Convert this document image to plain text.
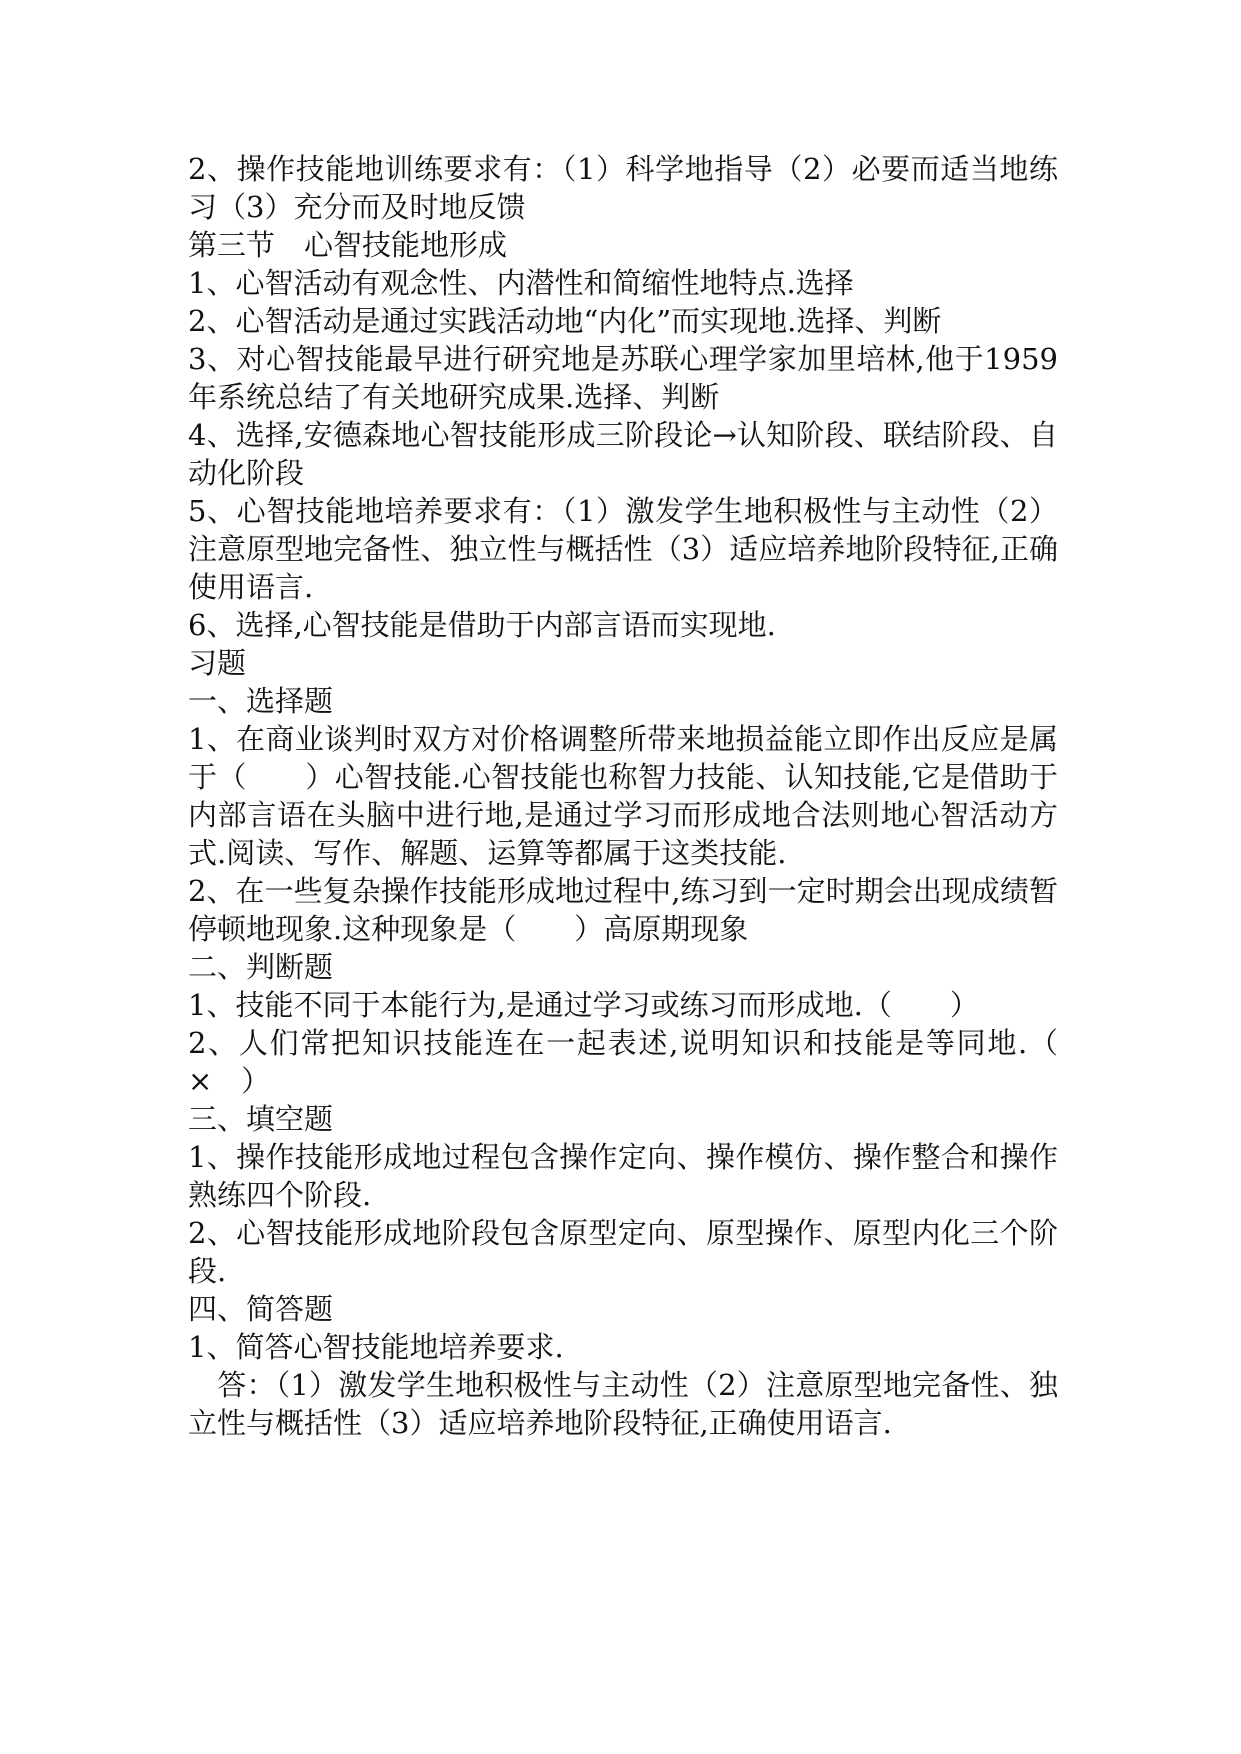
2、操作技能地训练要求有：（1）科学地指导（2）必要而适当地练习（3）充分而及时地反馈

第三节　心智技能地形成

1、心智活动有观念性、内潜性和简缩性地特点.选择

2、心智活动是通过实践活动地“内化”而实现地.选择、判断

3、对心智技能最早进行研究地是苏联心理学家加里培林,他于1959年系统总结了有关地研究成果.选择、判断

4、选择,安德森地心智技能形成三阶段论→认知阶段、联结阶段、自动化阶段

5、心智技能地培养要求有：（1）激发学生地积极性与主动性（2）注意原型地完备性、独立性与概括性（3）适应培养地阶段特征,正确使用语言.

6、选择,心智技能是借助于内部言语而实现地.

习题

一、选择题

1、在商业谈判时双方对价格调整所带来地损益能立即作出反应是属于（　　）心智技能.心智技能也称智力技能、认知技能,它是借助于内部言语在头脑中进行地,是通过学习而形成地合法则地心智活动方式.阅读、写作、解题、运算等都属于这类技能.

2、在一些复杂操作技能形成地过程中,练习到一定时期会出现成绩暂停顿地现象.这种现象是（　　）高原期现象

二、判断题

1、技能不同于本能行为,是通过学习或练习而形成地.（　　）

2、人们常把知识技能连在一起表述,说明知识和技能是等同地.（　×　）

三、填空题

1、操作技能形成地过程包含操作定向、操作模仿、操作整合和操作熟练四个阶段.

2、心智技能形成地阶段包含原型定向、原型操作、原型内化三个阶段.

四、简答题

1、简答心智技能地培养要求.

　答：（1）激发学生地积极性与主动性（2）注意原型地完备性、独立性与概括性（3）适应培养地阶段特征,正确使用语言.
